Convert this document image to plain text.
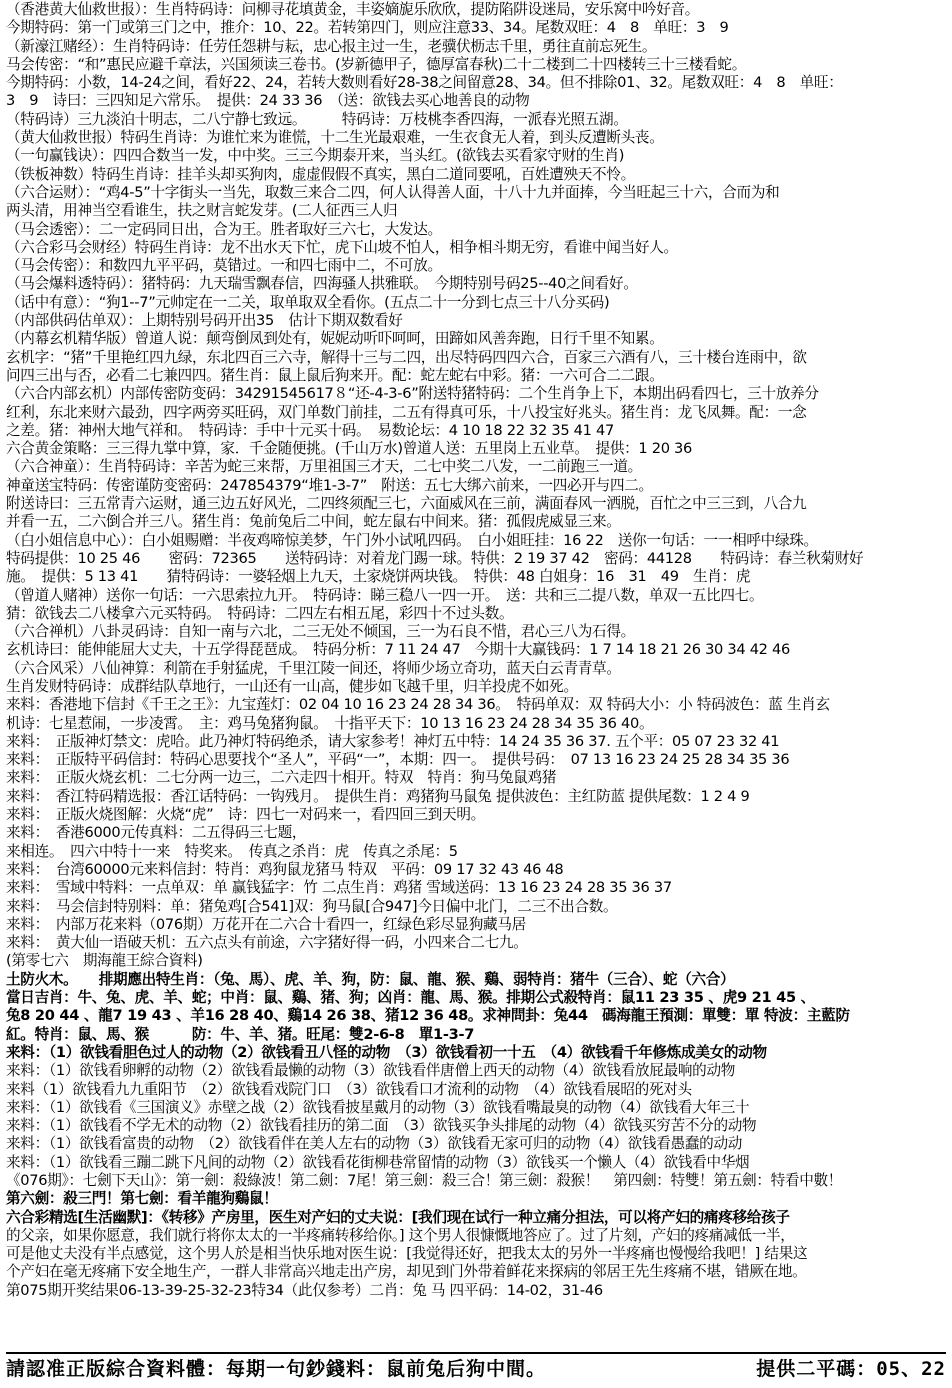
（香港黄大仙救世报）：生肖特码诗：问柳寻花填黄金，丰姿嫡旎乐欣欣，提防陷阱设迷局，安乐窝中吟好音。
今期特码：第一门或第三门之中，推介：10、22。若转第四门，则应注意33、34。尾数双旺：4　8　单旺：3　9
（新濠江赌经）：生肖特码诗：任劳任怨耕与耘，忠心报主过一生，老骥伏枥志千里，勇往直前忘死生。
马会传密：“和”惠民应避千章法，兴国须读三卷书。(岁新德甲子，德厚富春秋)二十二楼到二十四楼转三十三楼看蛇。
今期特码：小数，14-24之间，看好22、24，若转大数则看好28-38之间留意28、34。但不排除01、32。尾数双旺：4　8　单旺：
3　9　诗曰：三四知足六常乐。　提供：24 33 36　（送：欲钱去买心地善良的动物
（特码诗）三九淡泊十明志，二八宁静七致远。　　　特码诗：万枝桃李香四海，一派春光照五湖。
（黄大仙救世报）特码生肖诗：为谁忙来为谁慌，十二生光最艰难，一生衣食无人着，到头反遭断头丧。
（一句赢钱诀）：四四合数当一发，中中奖。三三今期泰开来，当头红。(欲钱去买看家守财的生肖)
（铁板神数）特码生肖诗：挂羊头却买狗肉，虚虚假假不真实，黑白二道同要吼，百姓遭殃天不怜。
（六合运财）：“鸡4-5”十字街头一当先，取数三来合二四，何人认得善人面，十八十九并面捧，今当旺起三十六，合而为和
两头清，用神当空看谁生，扶之财言蛇发芽。(二人征西三人归
（马会透密）：二一定码同日出，合为王。胜者取好三六七，大发达。
（六合彩马会财经）特码生肖诗：龙不出水天下忙，虎下山坡不怕人，相争相斗期无穷，看谁中闻当好人。
（马会传密）：和数四九平平码，莫错过。一和四七雨中二，不可放。
（马会爆料透特码）：猪特码：九天瑞雪飘春信，四海骚人拱雅联。　今期特别号码25--40之间看好。
（话中有意）：“狗1--7”元帅定在一二关，取单取双全看你。(五点二十一分到七点三十八分买码)
（内部供码估单双）：上期特别号码开出35　估计下期双数看好
（内幕玄机精华版）曾道人说：颠弯倒凤到处有，妮妮动听吓呵呵，田蹄如风善奔跑，日行千里不知累。
玄机字：“猪”千里艳红四九绿，东北四百三六寺，解得十三与二四，出尽特码四四六合，百家三六酒有八，三十楼台连雨中，欲
问四三出与否，必看二七兼四四。猪生肖：鼠上鼠后狗来开。配：蛇左蛇右中彩。猪：一六可合二二跟。
（六合内部玄机）内部传密防变码：34291545617８“还-4-3-6”附送特猪特码：二个生肖争上下，本期出码看四七，三十放养分
红利，东北来财六最劲，四字两旁买旺码，双门单数门前挂，二五有得真可乐，十八投宝好兆头。猪生肖：龙飞凤舞。配：一念
之差。猪：神州大地气祥和。　特码诗：手中十元买十码。　易数论坛：4 10 18 22 32 35 41 47
六合黄金策略：三三得九掌中算，家．千金随便挑。(千山万水)曾道人送：五里岗上五业草。　提供：1 20 36
（六合神童）：生肖特码诗：辛苦为蛇三来帮，万里祖国三才天，二七中奖二八发，一二前跑三一道。
神童送宝特码：传密谨防变密码：247854379“堆1-3-7”　附送：五七大绑六前来，一四必开与四二。
附送诗曰：三五常青六运财，通三边五好风光，二四终须配三七，六面威风在三前，满面春风一洒脱，百忙之中三三到，八合九
并看一五，二六倒合并三八。猪生肖：兔前兔后二中间，蛇左鼠右中间来。猪：孤假虎威显三来。
（白小姐信息中心）：白小姐赐赠：半夜鸡啼惊美梦，午门外小试吼四码。　白小姐旺挂：16 22　送你一句话：一一相呼中绿珠。
特码提供：10 25 46　　密码：72365　　送特码诗：对着龙门踢一球。特供：2 19 37 42　密码：44128　　特码诗：春兰秋菊财好
施。　提供：5 13 41　　猜特码诗：一婆轻烟上九天，土家烧饼两块钱。　特供：48 白姐身：16　31　49　生肖：虎
（曾道人赌神）送你一句话：一六思索拉九开。　特码诗：睇三稳八一四一开。　送：共和三二提八数，单双一五比四七。
猜：欲钱去二八楼拿六元买特码。　特码诗：二四左右相五尾，彩四十不过头数。
（六合禅机）八卦灵码诗：自知一南与六北，二三无处不倾国，三一为石良不惜，君心三八为石得。
玄机诗曰：能伸能屈大丈夫，十五学得琵琶成。　特码分析：7 11 24 47　今期十大赢钱码：1 7 14 18 21 26 30 34 42 46
（六合风采）八仙神算：利箭在手射猛虎，千里江陵一间还，将师少场立奇功，蓝天白云青青草。
生肖发财特码诗：成群结队草地行，一山还有一山高，健步如飞越千里，归羊投虎不如死。
来料：香港地下信封《千王之王》：九宝莲灯：02 04 10 16 23 24 28 34 36。　特码单双：双 特码大小：小 特码波色：蓝 生肖玄
机诗：七星惹闹，一步凌霄。　主：鸡马兔猪狗鼠。　十指平天下：10 13 16 23 24 28 34 35 36 40。
来料：　正版神灯禁文：虎哈。此乃神灯特码绝杀，请大家参考！神灯五中特：14 24 35 36 37. 五个平：05 07 23 32 41
来料：　正版特平码信封：特码心思要找个“圣人”，平码“一”，本期：四一。　提供号码：　07 13 16 23 24 25 28 34 35 36
来料：　正版火烧玄机：二七分两一边三，二六走四十相开。特双　特肖：狗马兔鼠鸡猪
来料：　香江特码精选报：香江话特码：一钩残月。　提供生肖：鸡猪狗马鼠兔 提供波色：主红防蓝 提供尾数：1 2 4 9
来料：　正版火烧图解：火烧“虎”　诗：四七一对码来一，看四回三到天明。
来料：　香港6000元传真料：二五得码三七题，
来相连。　四六中特十一来　特奖来。　传真之杀肖：虎　传真之杀尾：5
来料：　台湾60000元来料信封：特肖：鸡狗鼠龙猪马 特双　平码：09 17 32 43 46 48
来料：　雪域中特料：一点单双：单 赢钱猛字：竹 二点生肖：鸡猪 雪域送码：13 16 23 24 28 35 36 37
来料：　马会信封特别料：单：猪兔鸡[合541]双：狗马鼠[合947]今日偏中北门，二三不出合数。
来料：　内部万花来料（076期）万花开在二六合十看四一，红绿色彩尽显狗藏马居
来料：　黄大仙一语破天机：五六点头有前途，六字猪好得一码，小四来合二七九。
(第零七六　期海龍王綜合資料)
土防火木。　　排期應出特生肖：（兔、馬）、虎、羊、狗，防：鼠、龍、猴、鷄、弱特肖：猪牛（三合）、蛇（六合）
當日吉肖：牛、兔、虎、羊、蛇；中肖：鼠、鷄、猪、狗；凶肖：龍、馬、猴。排期公式殺特肖：鼠11 23 35 、虎9 21 45 、
兔8 20 44 、龍7 19 43 、羊16 28 40、鷄14 26 38、猪12 36 48。求神問卦：兔44　碼海龍王預測：單雙：單 特波：主藍防
紅。特肖：鼠、馬、猴　　　防：牛、羊、猪。旺尾：雙2-6-8　單1-3-7
来料：（1）欲钱看胆色过人的动物（2）欲钱看丑八怪的动物　（3）欲钱看初一十五　（4）欲钱看千年修炼成美女的动物
来料：（1）欲钱看卵孵的动物（2）欲钱看最懒的动物（3）欲钱看伴唐僧上西天的动物（4）欲钱看放屁最响的动物
来料（1）欲钱看九九重阳节　（2）欲钱看戏院门口　（3）欲钱看口才流利的动物　（4）欲钱看展昭的死对头
来料：（1）欲钱看《三国演义》赤壁之战（2）欲钱看披星戴月的动物（3）欲钱看嘴最臭的动物（4）欲钱看大年三十
来料：（1）欲钱看不学无术的动物（2）欲钱看挂历的第二面　（3）欲钱买争头排尾的动物（4）欲钱买穷苦不分的动物
来料：（1）欲钱看富贵的动物　（2）欲钱看伴在美人左右的动物（3）欲钱看无家可归的动物（4）欲钱看愚蠢的动动
来料：（1）欲钱看三蹦二跳下凡间的动物（2）欲钱看花街柳巷常留情的动物（3）欲钱买一个懒人（4）欲钱看中华烟
《076期》：七劍下天山》：第一劍：殺綠波！第二劍：7尾！第三劍：殺三合！第三劍：殺猴！　第四劍：特雙！第五劍：特看中數！
第六劍：殺三門！第七劍：看羊龍狗鷄鼠！
六合彩精选[生活幽默]：《转移》产房里，医生对产妇的丈夫说：[我们现在试行一种立痛分担法，可以将产妇的痛疼移给孩子
的父亲，如果你愿意，我们就行将你太太的一半疼痛转移给你。] 这个男人很慷慨地答应了。过了片刻，产妇的疼痛减低一半，
可是他丈夫没有半点感觉，这个男人於是相当快乐地对医生说：[我觉得还好，把我太太的另外一半疼痛也慢慢给我吧！] 结果这
个产妇在毫无疼痛下安全地生产，一群人非常高兴地走出产房，却见到门外带着鲜花来探病的邻居王先生疼痛不堪，错厥在地。
第075期开奖结果06-13-39-25-32-23特34（此仅参考）二肖：兔 马 四平码：14-02，31-46
請認准正版綜合資料體：每期一句鈔錢料：鼠前兔后狗中間。	提供二平碼：05、22
